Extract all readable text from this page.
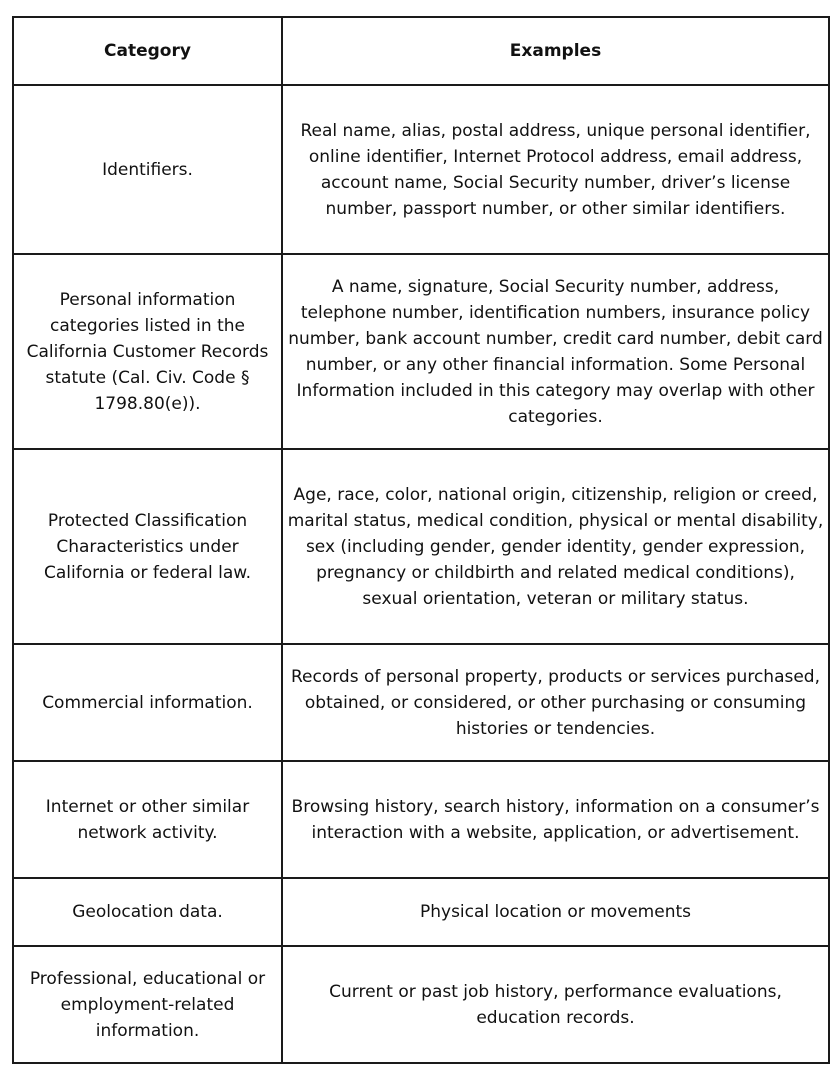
Category	Examples
Identifiers.	Real name, alias, postal address, unique personal identifier, online identifier, Internet Protocol address, email address, account name, Social Security number, driver’s license number, passport number, or other similar identifiers.
Personal information categories listed in the California Customer Records statute (Cal. Civ. Code § 1798.80(e)).	A name, signature, Social Security number, address, telephone number, identification numbers, insurance policy number, bank account number, credit card number, debit card number, or any other financial information. Some Personal Information included in this category may overlap with other categories.
Protected Classification Characteristics under California or federal law.	Age, race, color, national origin, citizenship, religion or creed, marital status, medical condition, physical or mental disability, sex (including gender, gender identity, gender expression, pregnancy or childbirth and related medical conditions), sexual orientation, veteran or military status.
Commercial information.	Records of personal property, products or services purchased, obtained, or considered, or other purchasing or consuming histories or tendencies.
Internet or other similar network activity.	Browsing history, search history, information on a consumer’s interaction with a website, application, or advertisement.
Geolocation data.	Physical location or movements
Professional, educational or employment-related information.	Current or past job history, performance evaluations, education records.
